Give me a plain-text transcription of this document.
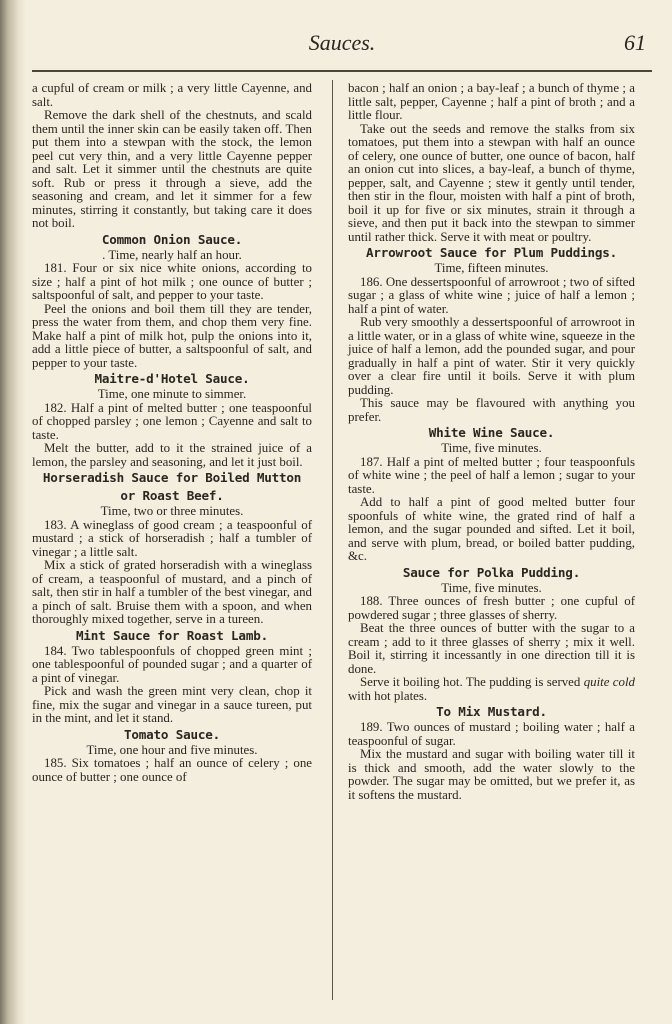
Sauces.	61

a cupful of cream or milk ; a very little Cayenne, and salt.

Remove the dark shell of the chestnuts, and scald them until the inner skin can be easily taken off. Then put them into a stewpan with the stock, the lemon peel cut very thin, and a very little Cayenne pepper and salt. Let it simmer until the chestnuts are quite soft. Rub or press it through a sieve, add the seasoning and cream, and let it simmer for a few minutes, stirring it constantly, but taking care it does not boil.

Common Onion Sauce.

. Time, nearly half an hour.

181. Four or six nice white onions, according to size ; half a pint of hot milk ; one ounce of butter ; saltspoonful of salt, and pepper to your taste.

Peel the onions and boil them till they are tender, press the water from them, and chop them very fine. Make half a pint of milk hot, pulp the onions into it, add a little piece of butter, a saltspoonful of salt, and pepper to your taste.

Maitre-d'Hotel Sauce.

Time, one minute to simmer.

182. Half a pint of melted butter ; one teaspoonful of chopped parsley ; one lemon ; Cayenne and salt to taste.

Melt the butter, add to it the strained juice of a lemon, the parsley and seasoning, and let it just boil.

Horseradish Sauce for Boiled Mutton or Roast Beef.

Time, two or three minutes.

183. A wineglass of good cream ; a teaspoonful of mustard ; a stick of horseradish ; half a tumbler of vinegar ; a little salt.

Mix a stick of grated horseradish with a wineglass of cream, a teaspoonful of mustard, and a pinch of salt, then stir in half a tumbler of the best vinegar, and a pinch of salt. Bruise them with a spoon, and when thoroughly mixed together, serve in a tureen.

Mint Sauce for Roast Lamb.

184. Two tablespoonfuls of chopped green mint ; one tablespoonful of pounded sugar ; and a quarter of a pint of vinegar.

Pick and wash the green mint very clean, chop it fine, mix the sugar and vinegar in a sauce tureen, put in the mint, and let it stand.

Tomato Sauce.

Time, one hour and five minutes.

185. Six tomatoes ; half an ounce of celery ; one ounce of butter ; one ounce of

bacon ; half an onion ; a bay-leaf ; a bunch of thyme ; a little salt, pepper, Cayenne ; half a pint of broth ; and a little flour.

Take out the seeds and remove the stalks from six tomatoes, put them into a stewpan with half an ounce of celery, one ounce of butter, one ounce of bacon, half an onion cut into slices, a bay-leaf, a bunch of thyme, pepper, salt, and Cayenne ; stew it gently until tender, then stir in the flour, moisten with half a pint of broth, boil it up for five or six minutes, strain it through a sieve, and then put it back into the stewpan to simmer until rather thick. Serve it with meat or poultry.

Arrowroot Sauce for Plum Puddings.

Time, fifteen minutes.

186. One dessertspoonful of arrowroot ; two of sifted sugar ; a glass of white wine ; juice of half a lemon ; half a pint of water.

Rub very smoothly a dessertspoonful of arrowroot in a little water, or in a glass of white wine, squeeze in the juice of half a lemon, add the pounded sugar, and pour gradually in half a pint of water. Stir it very quickly over a clear fire until it boils. Serve it with plum pudding.

This sauce may be flavoured with anything you prefer.

White Wine Sauce.

Time, five minutes.

187. Half a pint of melted butter ; four teaspoonfuls of white wine ; the peel of half a lemon ; sugar to your taste.

Add to half a pint of good melted butter four spoonfuls of white wine, the grated rind of half a lemon, and the sugar pounded and sifted. Let it boil, and serve with plum, bread, or boiled batter pudding, &c.

Sauce for Polka Pudding.

Time, five minutes.

188. Three ounces of fresh butter ; one cupful of powdered sugar ; three glasses of sherry.

Beat the three ounces of butter with the sugar to a cream ; add to it three glasses of sherry ; mix it well. Boil it, stirring it incessantly in one direction till it is done.

Serve it boiling hot. The pudding is served quite cold with hot plates.

To Mix Mustard.

189. Two ounces of mustard ; boiling water ; half a teaspoonful of sugar.

Mix the mustard and sugar with boiling water till it is thick and smooth, add the water slowly to the powder. The sugar may be omitted, but we prefer it, as it softens the mustard.
